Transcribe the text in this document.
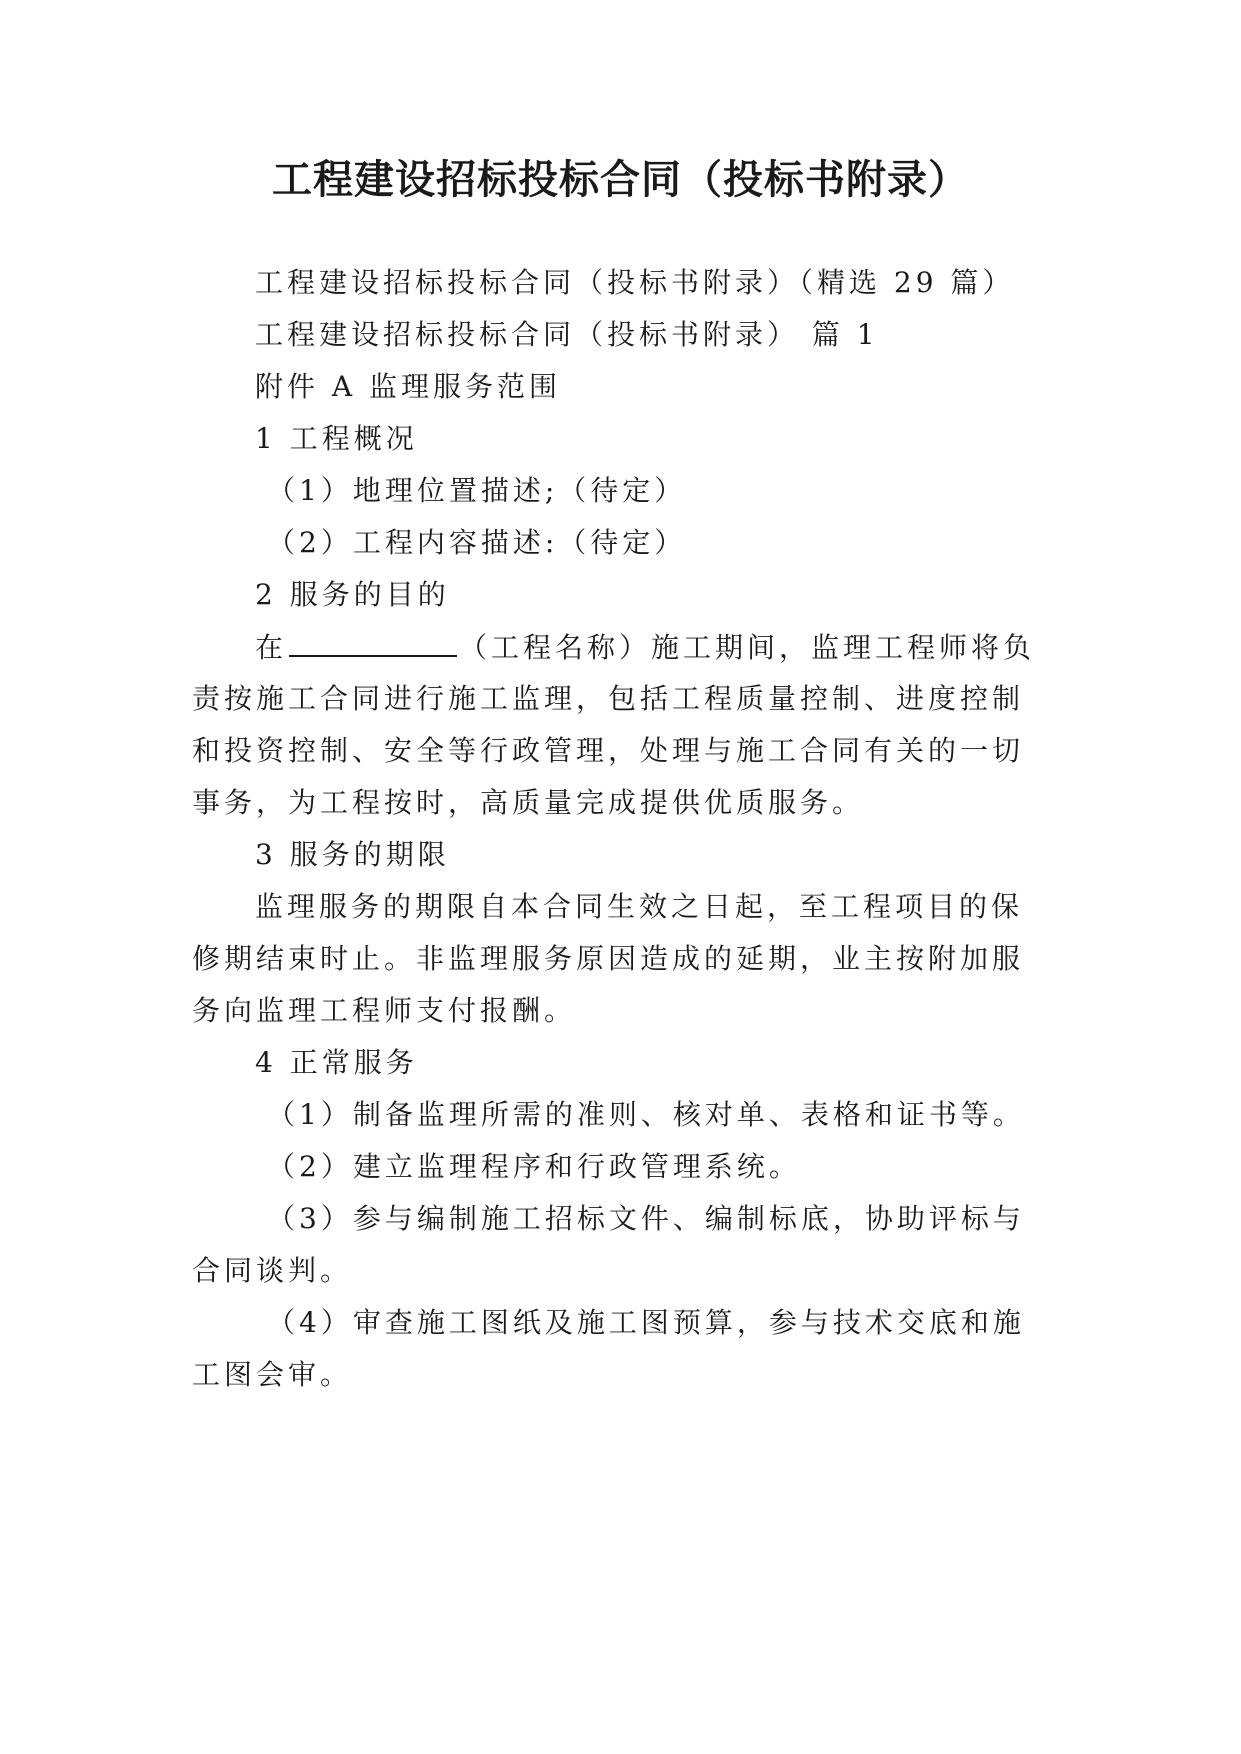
工程建设招标投标合同（投标书附录）
工程建设招标投标合同（投标书附录）（精选 29 篇）
工程建设招标投标合同（投标书附录） 篇 1
附件 A 监理服务范围
1 工程概况
（1）地理位置描述;（待定）
（2）工程内容描述:（待定）
2 服务的目的
在	（工程名称）施工期间，监理工程师将负
责按施工合同进行施工监理，包括工程质量控制、进度控制
和投资控制、安全等行政管理，处理与施工合同有关的一切
事务，为工程按时，高质量完成提供优质服务。
3 服务的期限
监理服务的期限自本合同生效之日起，至工程项目的保
修期结束时止。非监理服务原因造成的延期，业主按附加服
务向监理工程师支付报酬。
4 正常服务
（1）制备监理所需的准则、核对单、表格和证书等。
（2）建立监理程序和行政管理系统。
（3）参与编制施工招标文件、编制标底，协助评标与
合同谈判。
（4）审查施工图纸及施工图预算，参与技术交底和施
工图会审。
